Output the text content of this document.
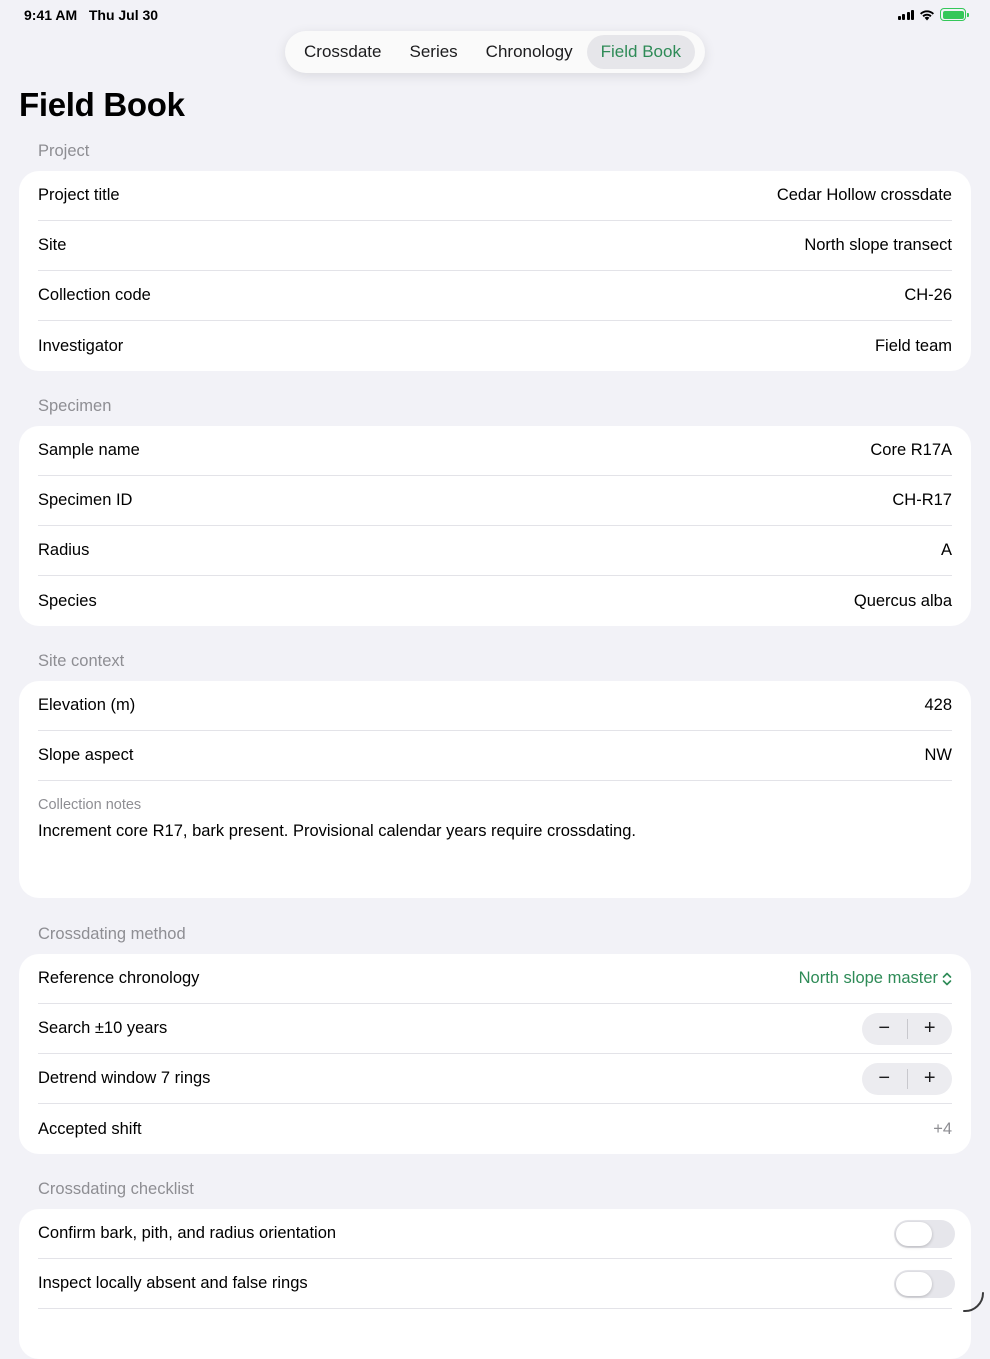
9:41 AM Thu Jul 30
Crossdate	Series	Chronology	Field Book
Field Book
Project
Project title	Cedar Hollow crossdate
Site	North slope transect
Collection code	CH-26
Investigator	Field team
Specimen
Sample name	Core R17A
Specimen ID	CH-R17
Radius	A
Species	Quercus alba
Site context
Elevation (m)	428
Slope aspect	NW
Collection notes
Increment core R17, bark present. Provisional calendar years require crossdating.
Crossdating method
Reference chronology	North slope master
Search ±10 years	−	+
Detrend window 7 rings	−	+
Accepted shift	+4
Crossdating checklist
Confirm bark, pith, and radius orientation
Inspect locally absent and false rings
